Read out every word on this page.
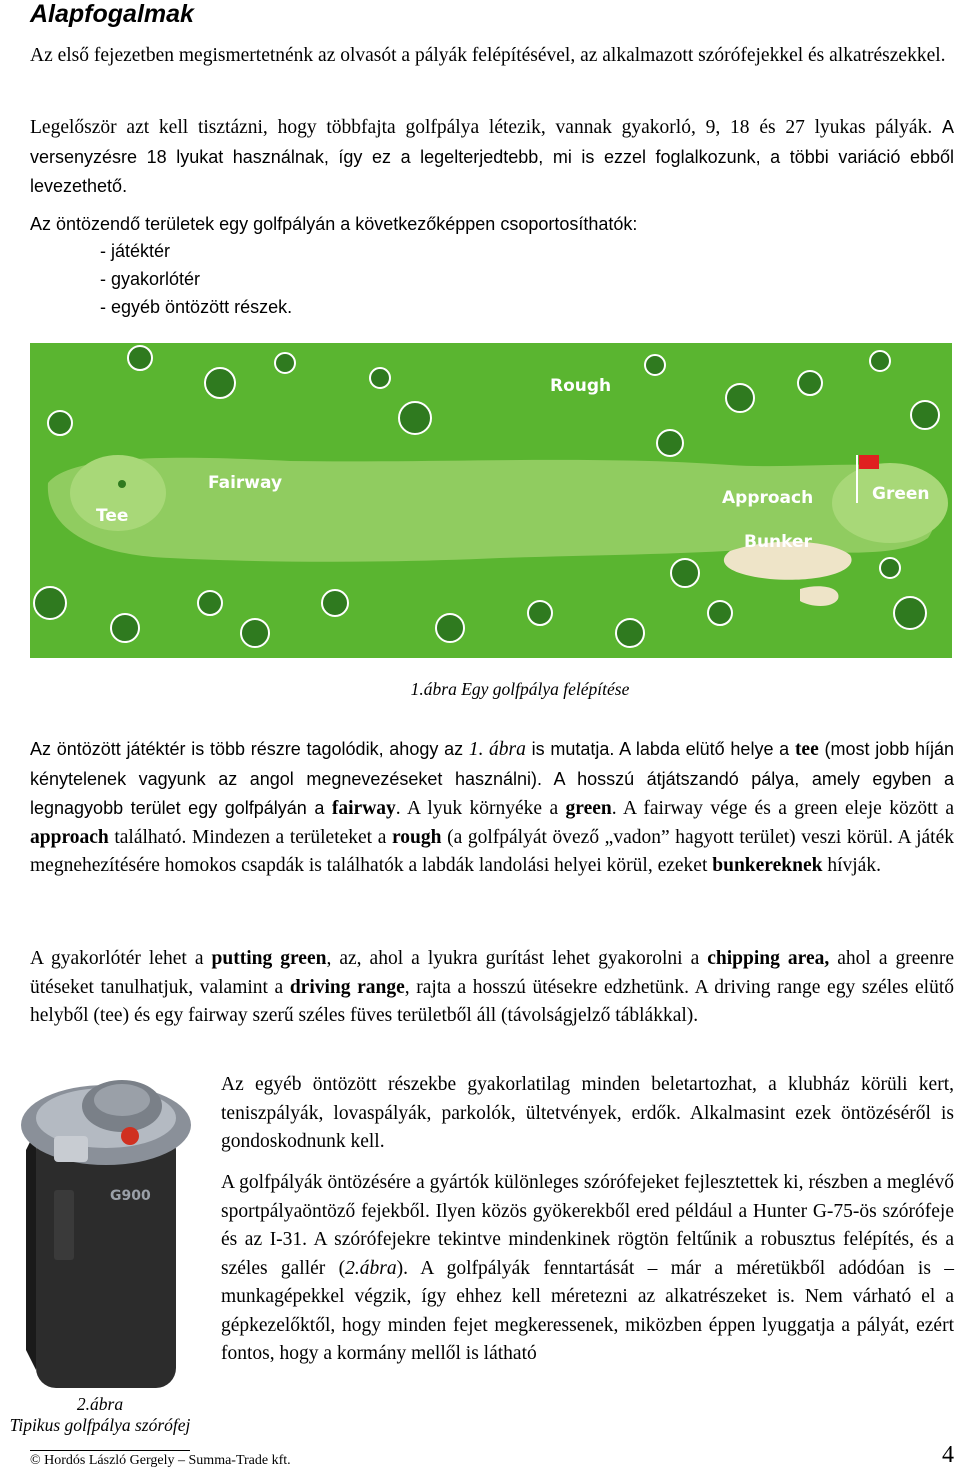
Alapfogalmak

Az első fejezetben megismertetnénk az olvasót a pályák felépítésével, az alkalmazott szórófejekkel és alkatrészekkel.

Legelőször azt kell tisztázni, hogy többfajta golfpálya létezik, vannak gyakorló, 9, 18 és 27 lyukas pályák. A versenyzésre 18 lyukat használnak, így ez a legelterjedtebb, mi is ezzel foglalkozunk, a többi variáció ebből levezethető.

Az öntözendő területek egy golfpályán a következőképpen csoportosíthatók:

- játéktér
- gyakorlótér
- egyéb öntözött részek.
Rough
Fairway
Tee
Approach	Green
Bunker
1.ábra Egy golfpálya felépítése

Az öntözött játéktér is több részre tagolódik, ahogy az 1. ábra is mutatja. A labda elütő helye a tee (most jobb híján kénytelenek vagyunk az angol megnevezéseket használni). A hosszú átjátszandó pálya, amely egyben a legnagyobb terület egy golfpályán a fairway. A lyuk környéke a green. A fairway vége és a green eleje között a approach található. Mindezen a területeket a rough (a golfpályát övező „vadon” hagyott terület) veszi körül. A játék megnehezítésére homokos csapdák is találhatók a labdák landolási helyei körül, ezeket bunkereknek hívják.

A gyakorlótér lehet a putting green, az, ahol a lyukra gurítást lehet gyakorolni a chipping area, ahol a greenre ütéseket tanulhatjuk, valamint a driving range, rajta a hosszú ütésekre edzhetünk. A driving range egy széles elütő helyből (tee) és egy fairway szerű széles füves területből áll (távolságjelző táblákkal).

G900
2.ábra
Tipikus golfpálya szórófej

Az egyéb öntözött részekbe gyakorlatilag minden beletartozhat, a klubház körüli kert, teniszpályák, lovaspályák, parkolók, ültetvények, erdők. Alkalmasint ezek öntözéséről is gondoskodnunk kell.

A golfpályák öntözésére a gyártók különleges szórófejeket fejlesztettek ki, részben a meglévő sportpályaöntöző fejekből. Ilyen közös gyökerekből ered például a Hunter G-75-ös szórófeje és az I-31. A szórófejekre tekintve mindenkinek rögtön feltűnik a robusztus felépítés, és a széles gallér (2.ábra). A golfpályák fenntartását – már a méretükből adódóan is – munkagépekkel végzik, így ehhez kell méretezni az alkatrészeket is. Nem várható el a gépkezelőktől, hogy minden fejet megkeressenek, miközben éppen lyuggatja a pályát, ezért fontos, hogy a kormány mellől is látható

© Hordós László Gergely – Summa-Trade kft.	4
